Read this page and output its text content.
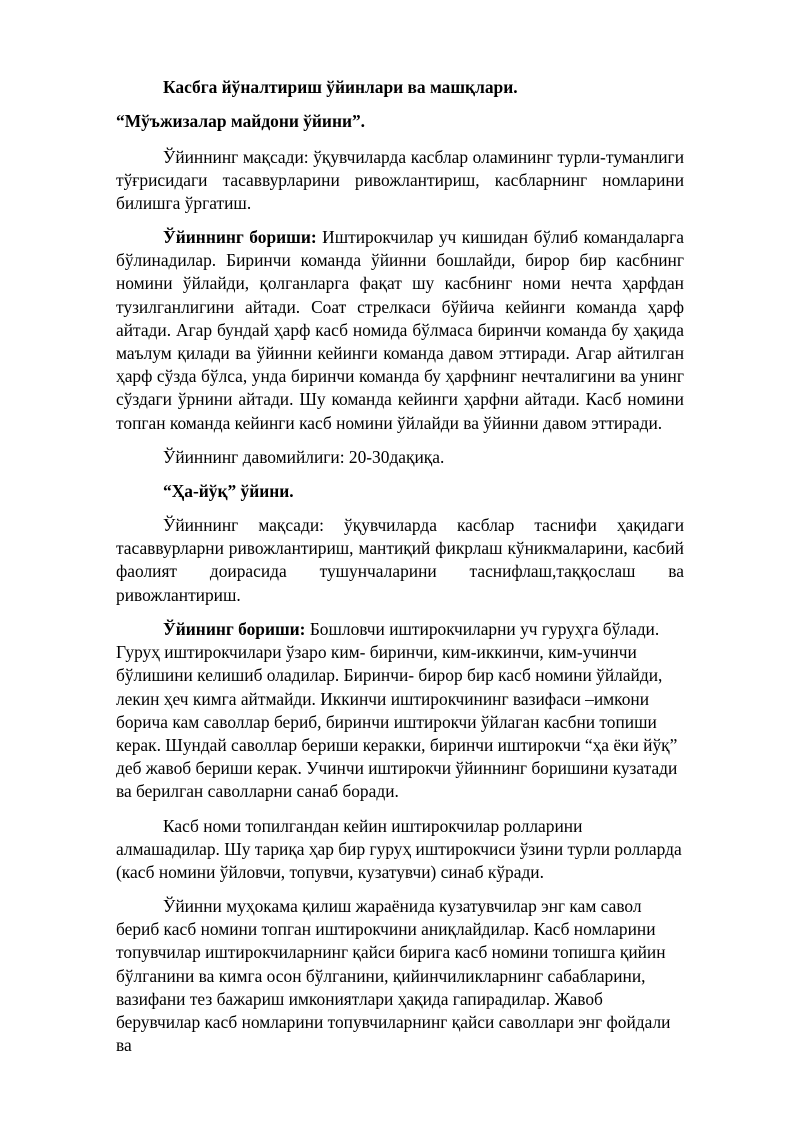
Касбга йўналтириш ўйинлари ва машқлари.
“Мўъжизалар майдони ўйини”.

Ўйиннинг мақсади: ўқувчиларда касблар оламининг турли-туманлиги тўғрисидаги тасаввурларини ривожлантириш, касбларнинг номларини билишга ўргатиш.

Ўйиннинг бориши: Иштирокчилар уч кишидан бўлиб командаларга бўлинадилар. Биринчи команда ўйинни бошлайди, бирор бир касбнинг номини ўйлайди, қолганларга фақат шу касбнинг номи нечта ҳарфдан тузилганлигини айтади. Соат стрелкаси бўйича кейинги команда ҳарф айтади. Агар бундай ҳарф касб номида бўлмаса биринчи команда бу ҳақида маълум қилади ва ўйинни кейинги команда давом эттиради. Агар айтилган ҳарф сўзда бўлса, унда биринчи команда бу ҳарфнинг нечталигини ва унинг сўздаги ўрнини айтади. Шу команда кейинги ҳарфни айтади. Касб номини топган команда кейинги касб номини ўйлайди ва ўйинни давом эттиради.

Ўйиннинг давомийлиги: 20-30дақиқа.

“Ҳа-йўқ” ўйини.

Ўйиннинг мақсади: ўқувчиларда касблар таснифи ҳақидаги тасаввурларни ривожлантириш, мантиқий фикрлаш кўникмаларини, касбий фаолият доирасида тушунчаларини таснифлаш,таққослаш ва ривожлантириш.

Ўйининг бориши: Бошловчи иштирокчиларни уч гуруҳга бўлади. Гуруҳ иштирокчилари ўзаро ким- биринчи, ким-иккинчи, ким-учинчи бўлишини келишиб оладилар. Биринчи- бирор бир касб номини ўйлайди, лекин ҳеч кимга айтмайди. Иккинчи иштирокчининг вазифаси –имкони борича кам саволлар бериб, биринчи иштирокчи ўйлаган касбни топиши керак. Шундай саволлар бериши керакки, биринчи иштирокчи “ҳа ёки йўқ” деб жавоб бериши керак. Учинчи иштирокчи ўйиннинг боришини кузатади ва берилган саволларни санаб боради.

Касб номи топилгандан кейин иштирокчилар ролларини алмашадилар. Шу тариқа ҳар бир гуруҳ иштирокчиси ўзини турли ролларда (касб номини ўйловчи, топувчи, кузатувчи) синаб кўради.

Ўйинни муҳокама қилиш жараёнида кузатувчилар энг кам савол бериб касб номини топган иштирокчини аниқлайдилар. Касб номларини топувчилар иштирокчиларнинг қайси бирига касб номини топишга қийин бўлганини ва кимга осон бўлганини, қийинчиликларнинг сабабларини, вазифани тез бажариш имкониятлари ҳақида гапирадилар. Жавоб берувчилар касб номларини топувчиларнинг қайси саволлари энг фойдали ва
